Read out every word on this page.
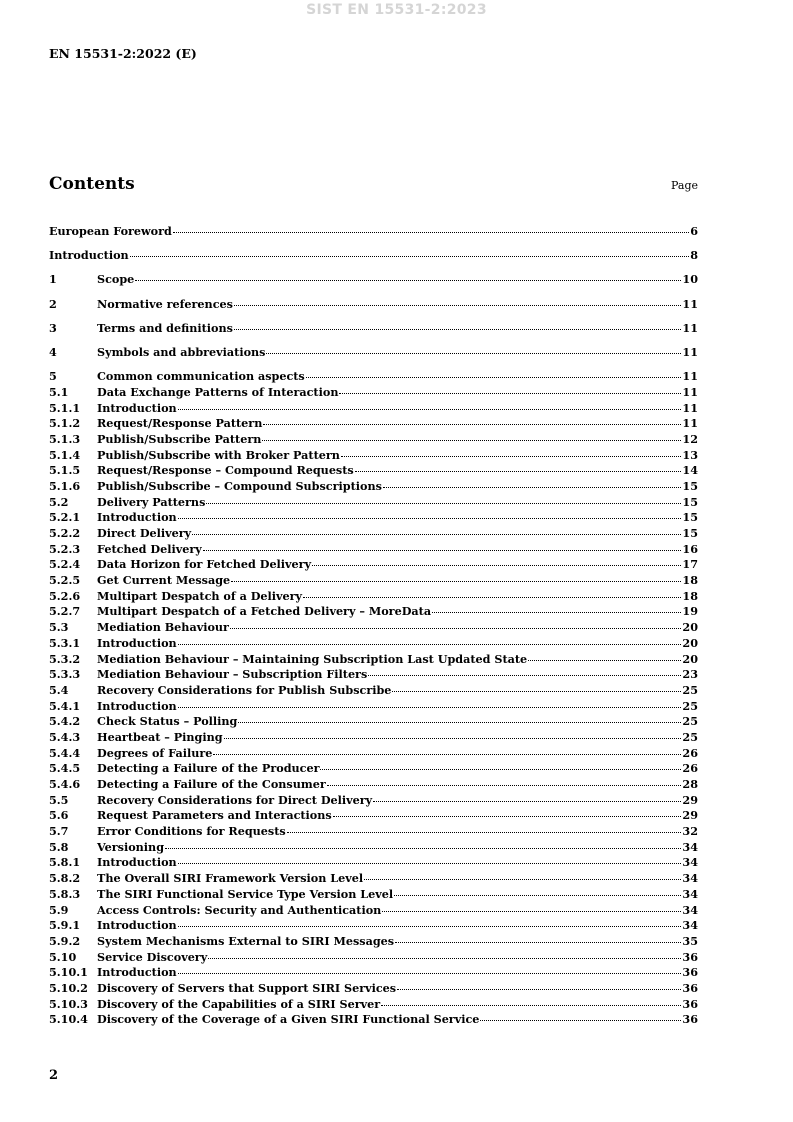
SIST EN 15531-2:2023
EN 15531-2:2022 (E)
Contents	Page
European Foreword	6
Introduction	8
1	Scope	10
2	Normative references	11
3	Terms and definitions	11
4	Symbols and abbreviations	11
5	Common communication aspects	11
5.1	Data Exchange Patterns of Interaction	11
5.1.1	Introduction	11
5.1.2	Request/Response Pattern	11
5.1.3	Publish/Subscribe Pattern	12
5.1.4	Publish/Subscribe with Broker Pattern	13
5.1.5	Request/Response – Compound Requests	14
5.1.6	Publish/Subscribe – Compound Subscriptions	15
5.2	Delivery Patterns	15
5.2.1	Introduction	15
5.2.2	Direct Delivery	15
5.2.3	Fetched Delivery	16
5.2.4	Data Horizon for Fetched Delivery	17
5.2.5	Get Current Message	18
5.2.6	Multipart Despatch of a Delivery	18
5.2.7	Multipart Despatch of a Fetched Delivery – MoreData	19
5.3	Mediation Behaviour	20
5.3.1	Introduction	20
5.3.2	Mediation Behaviour – Maintaining Subscription Last Updated State	20
5.3.3	Mediation Behaviour – Subscription Filters	23
5.4	Recovery Considerations for Publish Subscribe	25
5.4.1	Introduction	25
5.4.2	Check Status – Polling	25
5.4.3	Heartbeat – Pinging	25
5.4.4	Degrees of Failure	26
5.4.5	Detecting a Failure of the Producer	26
5.4.6	Detecting a Failure of the Consumer	28
5.5	Recovery Considerations for Direct Delivery	29
5.6	Request Parameters and Interactions	29
5.7	Error Conditions for Requests	32
5.8	Versioning	34
5.8.1	Introduction	34
5.8.2	The Overall SIRI Framework Version Level	34
5.8.3	The SIRI Functional Service Type Version Level	34
5.9	Access Controls: Security and Authentication	34
5.9.1	Introduction	34
5.9.2	System Mechanisms External to SIRI Messages	35
5.10	Service Discovery	36
5.10.1 Introduction	36
5.10.2 Discovery of Servers that Support SIRI Services	36
5.10.3 Discovery of the Capabilities of a SIRI Server	36
5.10.4 Discovery of the Coverage of a Given SIRI Functional Service	36
2
